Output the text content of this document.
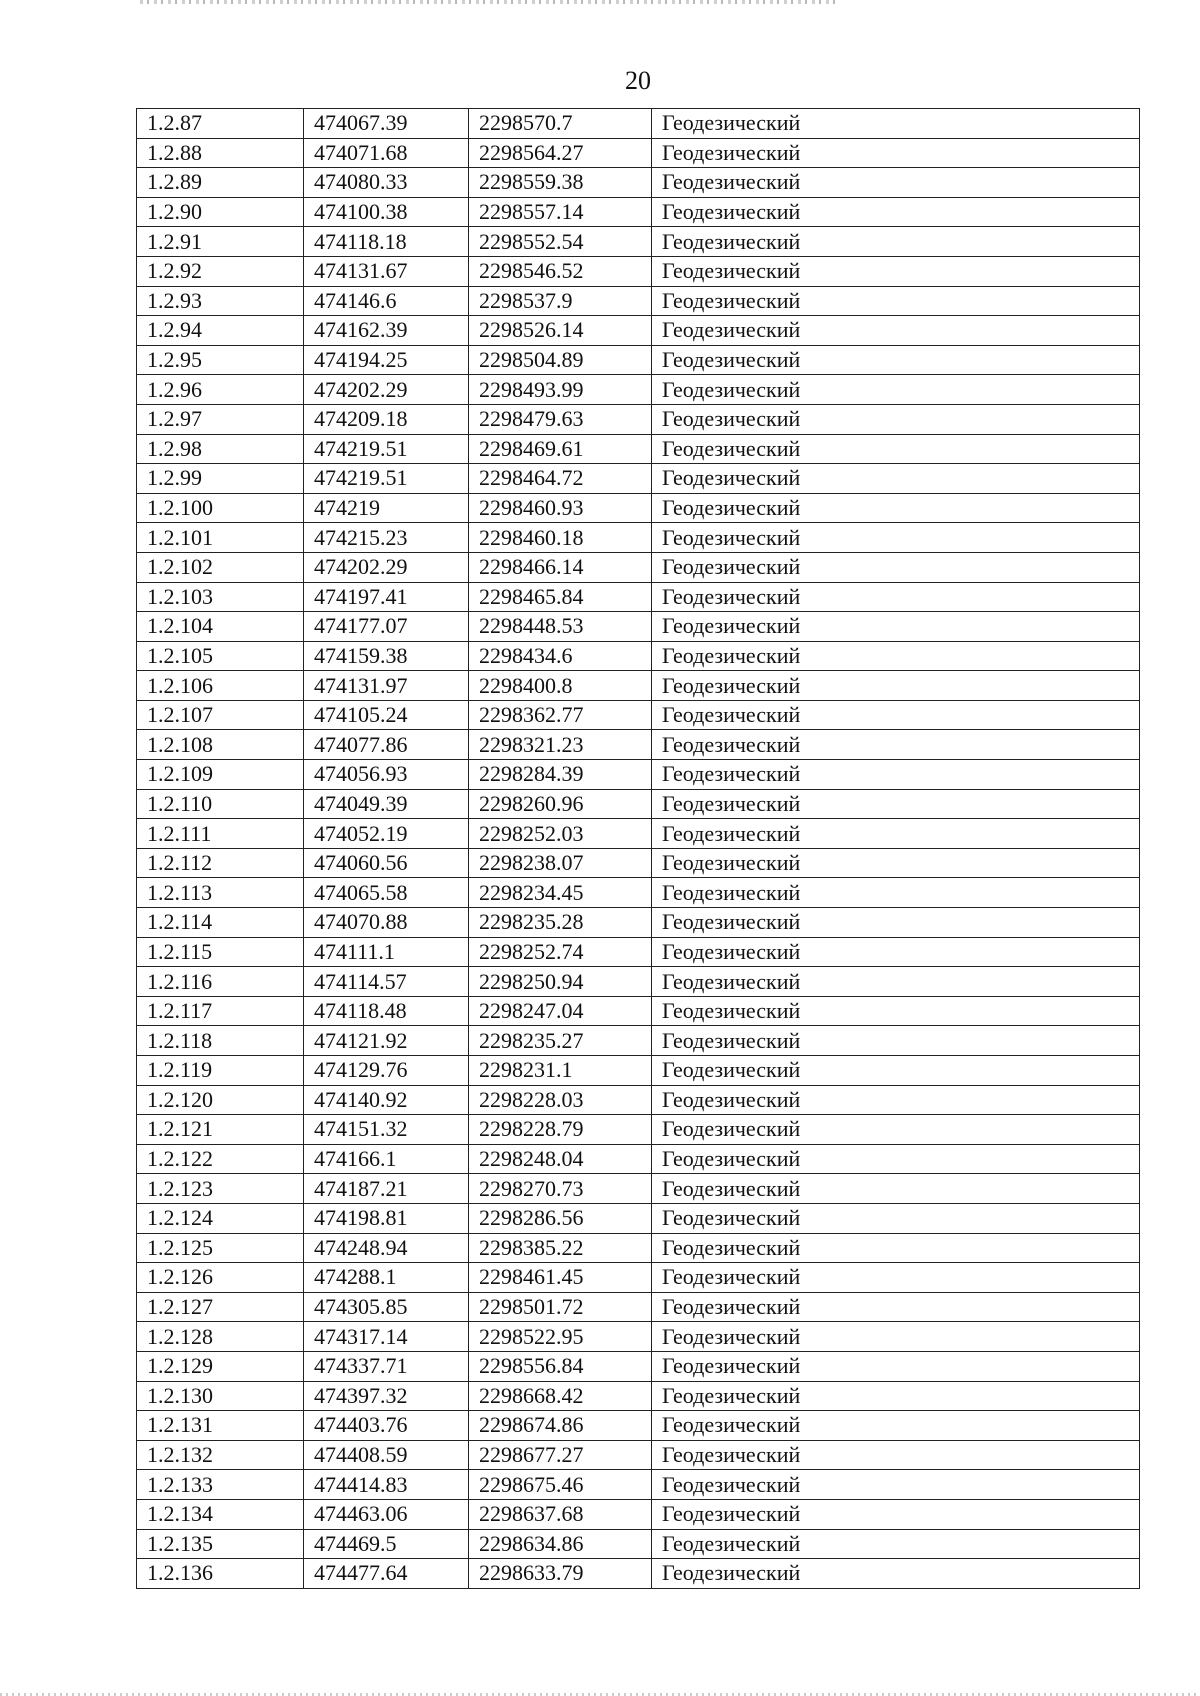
20
1.2.87	474067.39	2298570.7	Геодезический
1.2.88	474071.68	2298564.27	Геодезический
1.2.89	474080.33	2298559.38	Геодезический
1.2.90	474100.38	2298557.14	Геодезический
1.2.91	474118.18	2298552.54	Геодезический
1.2.92	474131.67	2298546.52	Геодезический
1.2.93	474146.6	2298537.9	Геодезический
1.2.94	474162.39	2298526.14	Геодезический
1.2.95	474194.25	2298504.89	Геодезический
1.2.96	474202.29	2298493.99	Геодезический
1.2.97	474209.18	2298479.63	Геодезический
1.2.98	474219.51	2298469.61	Геодезический
1.2.99	474219.51	2298464.72	Геодезический
1.2.100	474219	2298460.93	Геодезический
1.2.101	474215.23	2298460.18	Геодезический
1.2.102	474202.29	2298466.14	Геодезический
1.2.103	474197.41	2298465.84	Геодезический
1.2.104	474177.07	2298448.53	Геодезический
1.2.105	474159.38	2298434.6	Геодезический
1.2.106	474131.97	2298400.8	Геодезический
1.2.107	474105.24	2298362.77	Геодезический
1.2.108	474077.86	2298321.23	Геодезический
1.2.109	474056.93	2298284.39	Геодезический
1.2.110	474049.39	2298260.96	Геодезический
1.2.111	474052.19	2298252.03	Геодезический
1.2.112	474060.56	2298238.07	Геодезический
1.2.113	474065.58	2298234.45	Геодезический
1.2.114	474070.88	2298235.28	Геодезический
1.2.115	474111.1	2298252.74	Геодезический
1.2.116	474114.57	2298250.94	Геодезический
1.2.117	474118.48	2298247.04	Геодезический
1.2.118	474121.92	2298235.27	Геодезический
1.2.119	474129.76	2298231.1	Геодезический
1.2.120	474140.92	2298228.03	Геодезический
1.2.121	474151.32	2298228.79	Геодезический
1.2.122	474166.1	2298248.04	Геодезический
1.2.123	474187.21	2298270.73	Геодезический
1.2.124	474198.81	2298286.56	Геодезический
1.2.125	474248.94	2298385.22	Геодезический
1.2.126	474288.1	2298461.45	Геодезический
1.2.127	474305.85	2298501.72	Геодезический
1.2.128	474317.14	2298522.95	Геодезический
1.2.129	474337.71	2298556.84	Геодезический
1.2.130	474397.32	2298668.42	Геодезический
1.2.131	474403.76	2298674.86	Геодезический
1.2.132	474408.59	2298677.27	Геодезический
1.2.133	474414.83	2298675.46	Геодезический
1.2.134	474463.06	2298637.68	Геодезический
1.2.135	474469.5	2298634.86	Геодезический
1.2.136	474477.64	2298633.79	Геодезический
